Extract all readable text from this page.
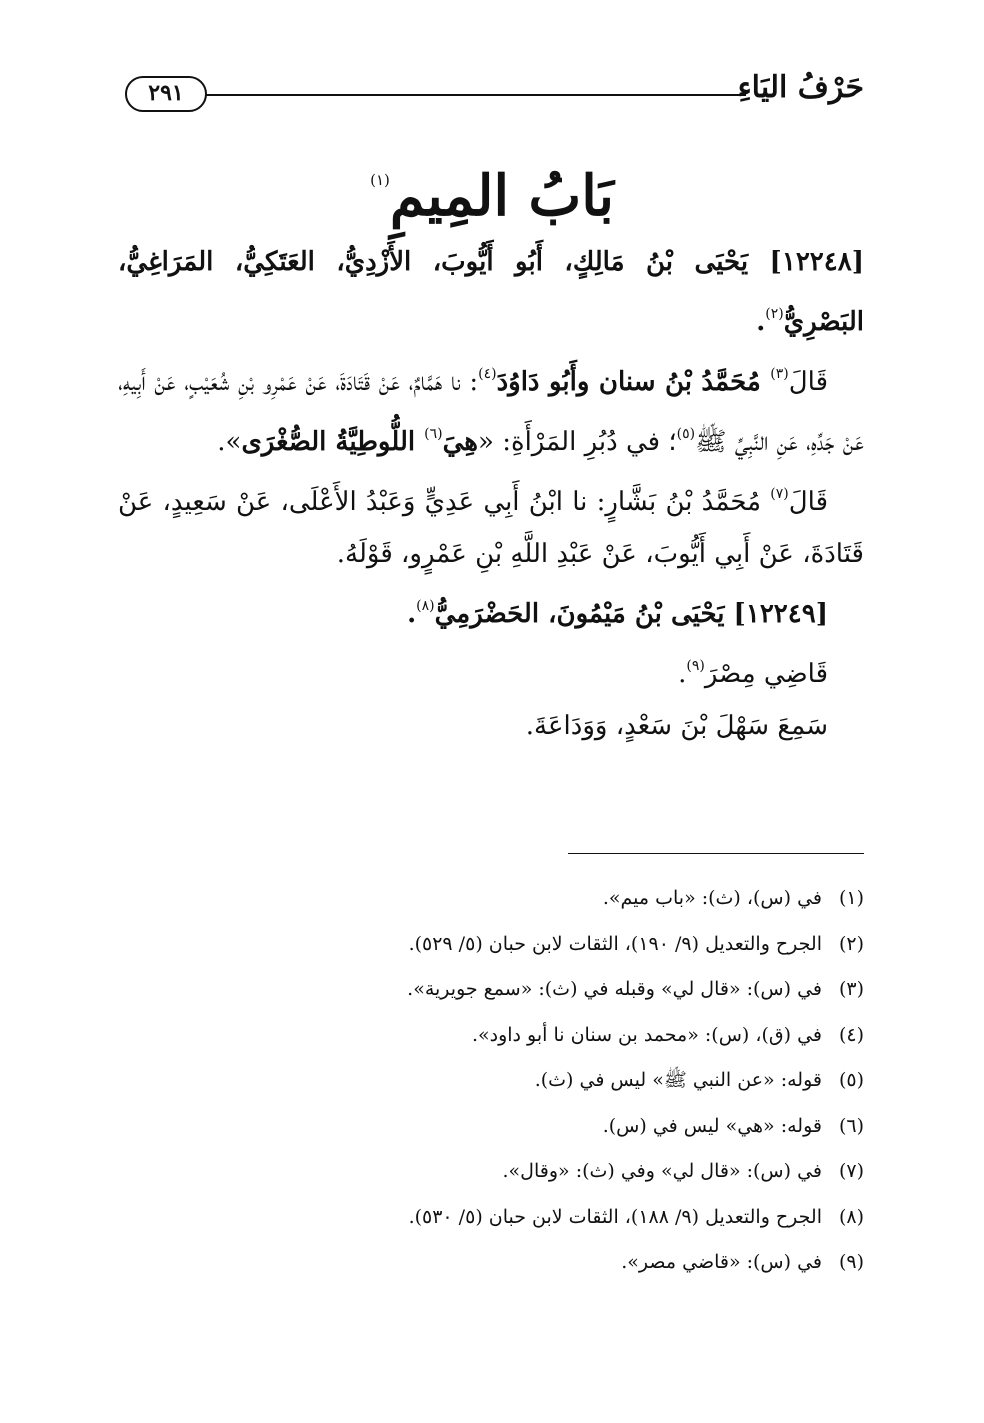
حَرْفُ اليَاءِ
٢٩١
بَابُ المِيمِ$^{(١)}$

[١٢٢٤٨] يَحْيَى بْنُ مَالِكٍ، أَبُو أَيُّوبَ، الأَزْدِيُّ، العَتَكِيُّ، المَرَاغِيُّ، البَصْرِيُّ$^{(٢)}$.

قَالَ$^{(٣)}$ مُحَمَّدُ بْنُ سنان وأَبُو دَاوُدَ$^{(٤)}$: نا هَمَّامٌ، عَنْ قَتَادَةَ، عَنْ عَمْرِو بْنِ شُعَيْبٍ، عَنْ أَبِيهِ، عَنْ جَدِّهِ، عَنِ النَّبِيِّ ﷺ$^{(٥)}$؛ في دُبُرِ المَرْأَةِ: «هِيَ$^{(٦)}$ اللُّوطِيَّةُ الصُّغْرَى».

قَالَ$^{(٧)}$ مُحَمَّدُ بْنُ بَشَّارٍ: نا ابْنُ أَبِي عَدِيٍّ وَعَبْدُ الأَعْلَى، عَنْ سَعِيدٍ، عَنْ قَتَادَةَ، عَنْ أَبِي أَيُّوبَ، عَنْ عَبْدِ اللَّهِ بْنِ عَمْرٍو، قَوْلَهُ.

[١٢٢٤٩] يَحْيَى بْنُ مَيْمُونَ، الحَضْرَمِيُّ$^{(٨)}$.

قَاضِي مِصْرَ$^{(٩)}$.

سَمِعَ سَهْلَ بْنَ سَعْدٍ، وَوَدَاعَةَ.

(١)في (س)، (ث): «باب ميم».
(٢)الجرح والتعديل (٩/ ١٩٠)، الثقات لابن حبان (٥/ ٥٢٩).
(٣)في (س): «قال لي» وقبله في (ث): «سمع جويرية».
(٤)في (ق)، (س): «محمد بن سنان نا أبو داود».
(٥)قوله: «عن النبي ﷺ» ليس في (ث).
(٦)قوله: «هي» ليس في (س).
(٧)في (س): «قال لي» وفي (ث): «وقال».
(٨)الجرح والتعديل (٩/ ١٨٨)، الثقات لابن حبان (٥/ ٥٣٠).
(٩)في (س): «قاضي مصر».
